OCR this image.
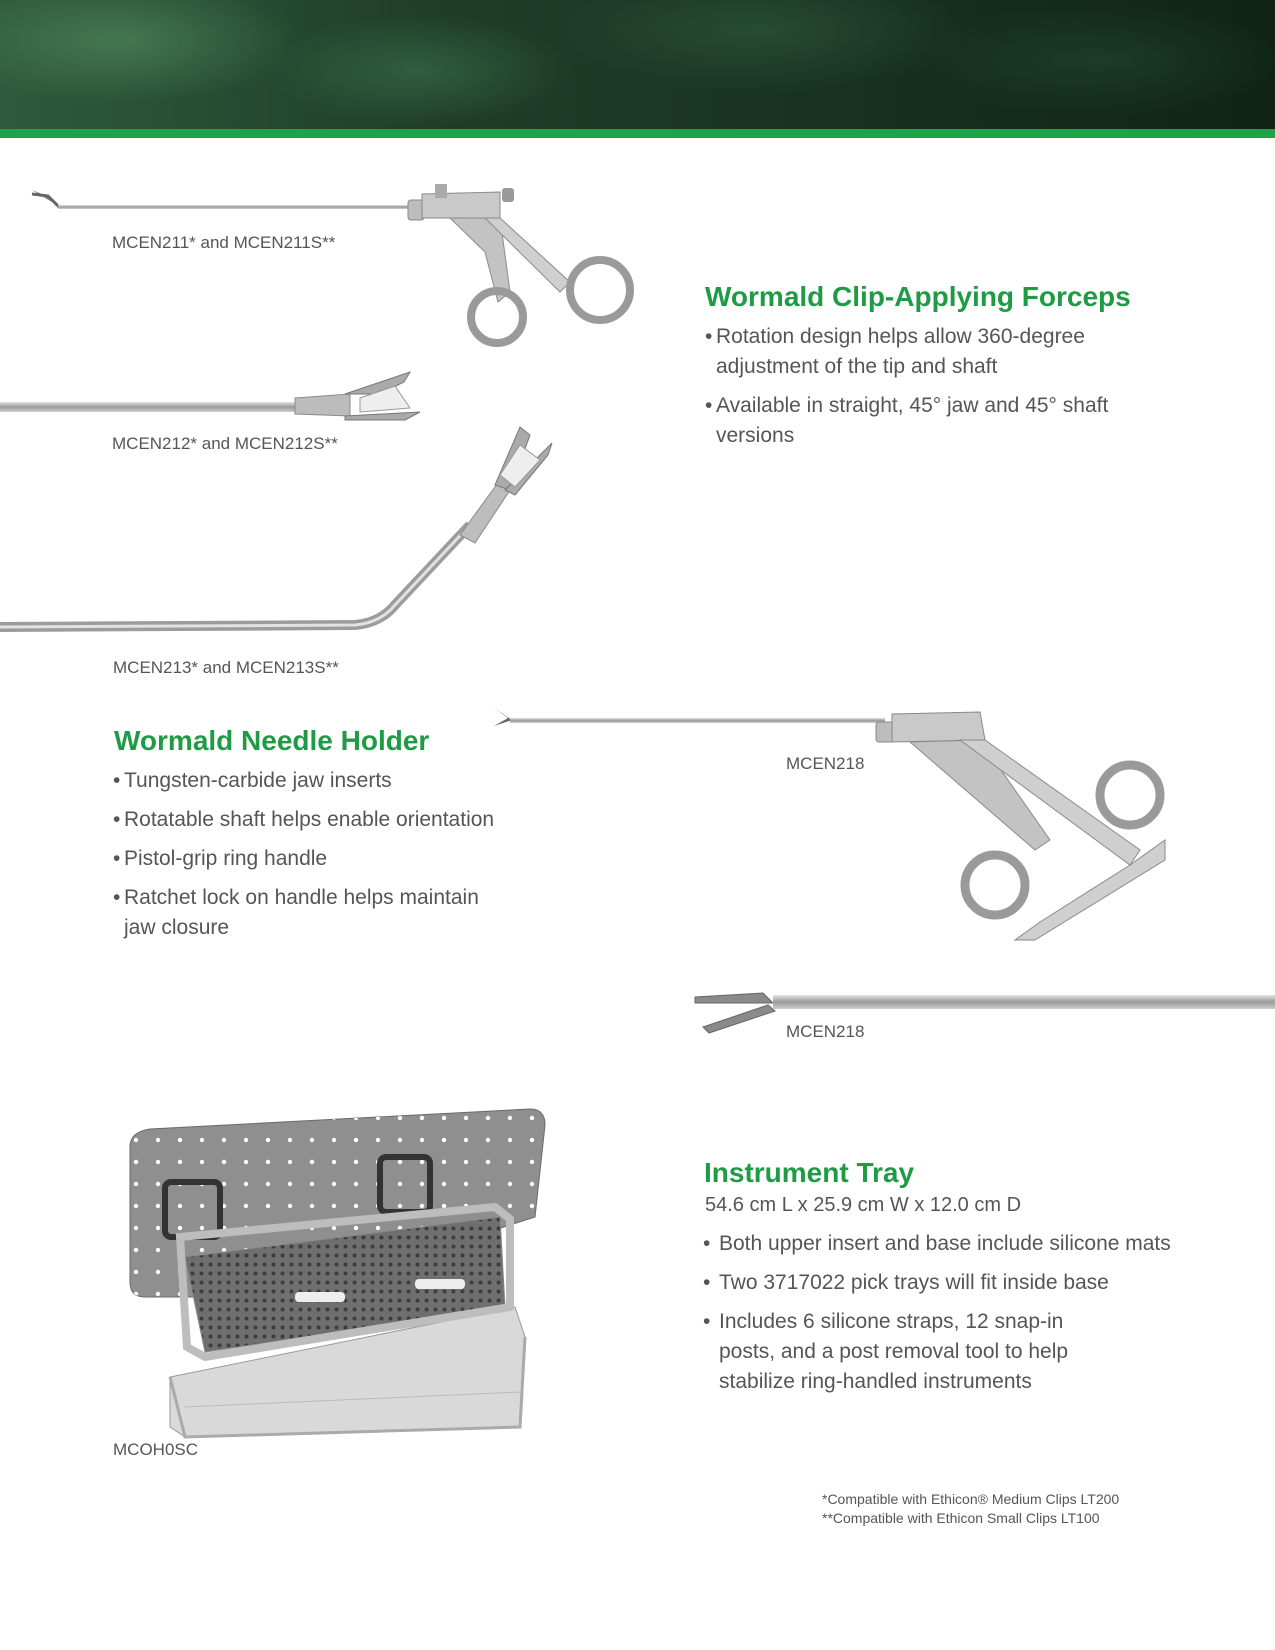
MCEN211* and MCEN211S**
MCEN212* and MCEN212S**
MCEN213* and MCEN213S**
Wormald Clip-Applying Forceps
• Rotation design helps allow 360-degree adjustment of the tip and shaft
• Available in straight, 45° jaw and 45° shaft versions
Wormald Needle Holder
• Tungsten-carbide jaw inserts
• Rotatable shaft helps enable orientation
• Pistol-grip ring handle
• Ratchet lock on handle helps maintain jaw closure
MCEN218
MCEN218
MCOH0SC
Instrument Tray
54.6 cm L x 25.9 cm W x 12.0 cm D
• Both upper insert and base include silicone mats
• Two 3717022 pick trays will fit inside base
• Includes 6 silicone straps, 12 snap-in posts, and a post removal tool to help stabilize ring-handled instruments
*Compatible with Ethicon® Medium Clips LT200
**Compatible with Ethicon Small Clips LT100
